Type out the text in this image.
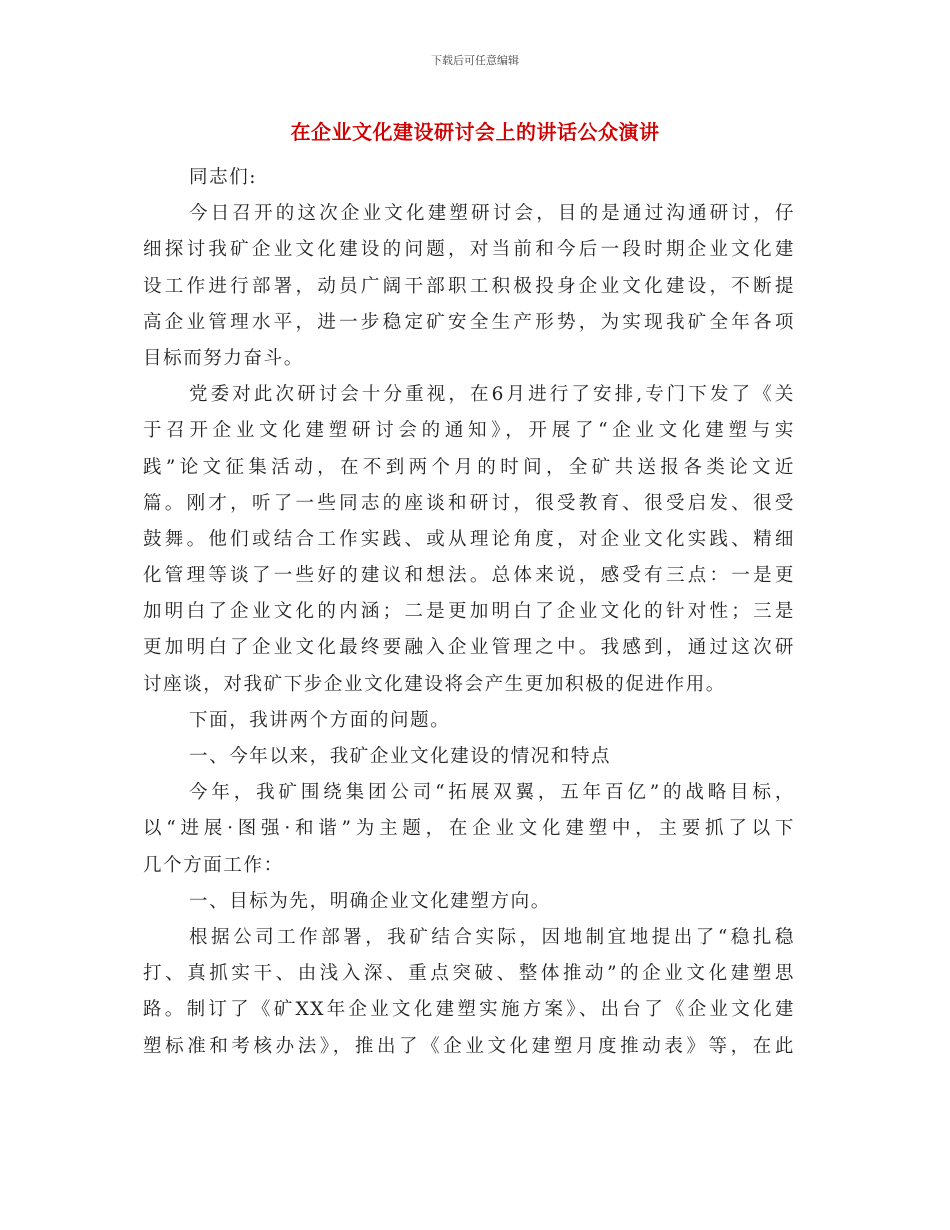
下载后可任意编辑
在企业文化建设研讨会上的讲话公众演讲
同志们:
今日召开的这次企业文化建塑研讨会，目的是通过沟通研讨，仔
细探讨我矿企业文化建设的问题，对当前和今后一段时期企业文化建
设工作进行部署，动员广阔干部职工积极投身企业文化建设，不断提
高企业管理水平，进一步稳定矿安全生产形势，为实现我矿全年各项
目标而努力奋斗。
党委对此次研讨会十分重视，在6月进行了安排,专门下发了《关
于召开企业文化建塑研讨会的通知》，开展了“企业文化建塑与实
践”论文征集活动，在不到两个月的时间，全矿共送报各类论文近
篇。刚才，听了一些同志的座谈和研讨，很受教育、很受启发、很受
鼓舞。他们或结合工作实践、或从理论角度，对企业文化实践、精细
化管理等谈了一些好的建议和想法。总体来说，感受有三点：一是更
加明白了企业文化的内涵；二是更加明白了企业文化的针对性；三是
更加明白了企业文化最终要融入企业管理之中。我感到，通过这次研
讨座谈，对我矿下步企业文化建设将会产生更加积极的促进作用。
下面，我讲两个方面的问题。
一、今年以来，我矿企业文化建设的情况和特点
今年，我矿围绕集团公司“拓展双翼，五年百亿”的战略目标，
以“进展·图强·和谐”为主题，在企业文化建塑中，主要抓了以下
几个方面工作：
一、目标为先，明确企业文化建塑方向。
根据公司工作部署，我矿结合实际，因地制宜地提出了“稳扎稳
打、真抓实干、由浅入深、重点突破、整体推动”的企业文化建塑思
路。制订了《矿XX年企业文化建塑实施方案》、出台了《企业文化建
塑标准和考核办法》，推出了《企业文化建塑月度推动表》等，在此
